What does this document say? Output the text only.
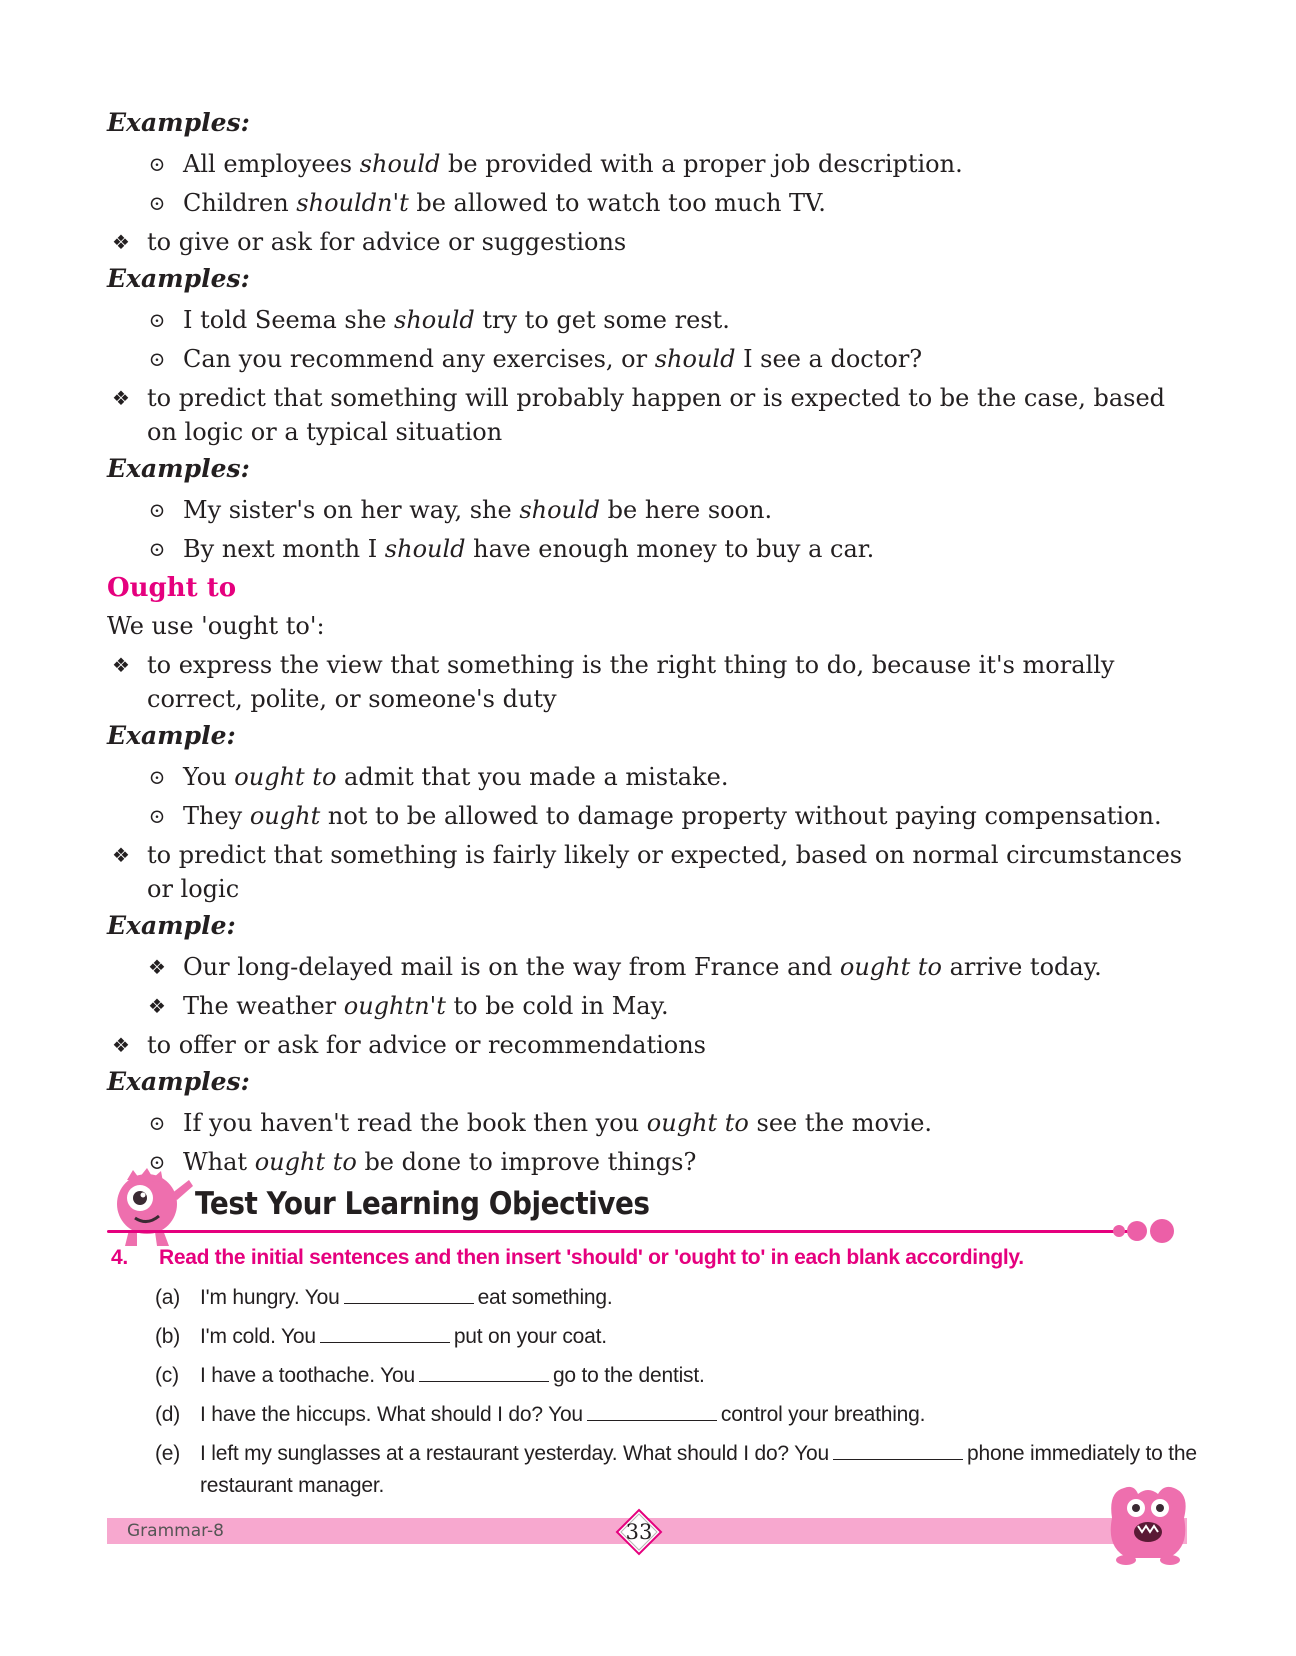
Examples:
⊙ All employees should be provided with a proper job description.
⊙ Children shouldn't be allowed to watch too much TV.
❖ to give or ask for advice or suggestions
Examples:
⊙ I told Seema she should try to get some rest.
⊙ Can you recommend any exercises, or should I see a doctor?
❖ to predict that something will probably happen or is expected to be the case, based on logic or a typical situation
Examples:
⊙ My sister's on her way, she should be here soon.
⊙ By next month I should have enough money to buy a car.
Ought to
We use 'ought to':
❖ to express the view that something is the right thing to do, because it's morally correct, polite, or someone's duty
Example:
⊙ You ought to admit that you made a mistake.
⊙ They ought not to be allowed to damage property without paying compensation.
❖ to predict that something is fairly likely or expected, based on normal circumstances or logic
Example:
❖ Our long-delayed mail is on the way from France and ought to arrive today.
❖ The weather oughtn't to be cold in May.
❖ to offer or ask for advice or recommendations
Examples:
⊙ If you haven't read the book then you ought to see the movie.
⊙ What ought to be done to improve things?
Test Your Learning Objectives
4. Read the initial sentences and then insert 'should' or 'ought to' in each blank accordingly.
(a) I'm hungry. You	eat something.
(b) I'm cold. You	put on your coat.
(c) I have a toothache. You	go to the dentist.
(d) I have the hiccups. What should I do? You	control your breathing.
(e) I left my sunglasses at a restaurant yesterday. What should I do? You	phone immediately to the restaurant manager.
Grammar-8	33
